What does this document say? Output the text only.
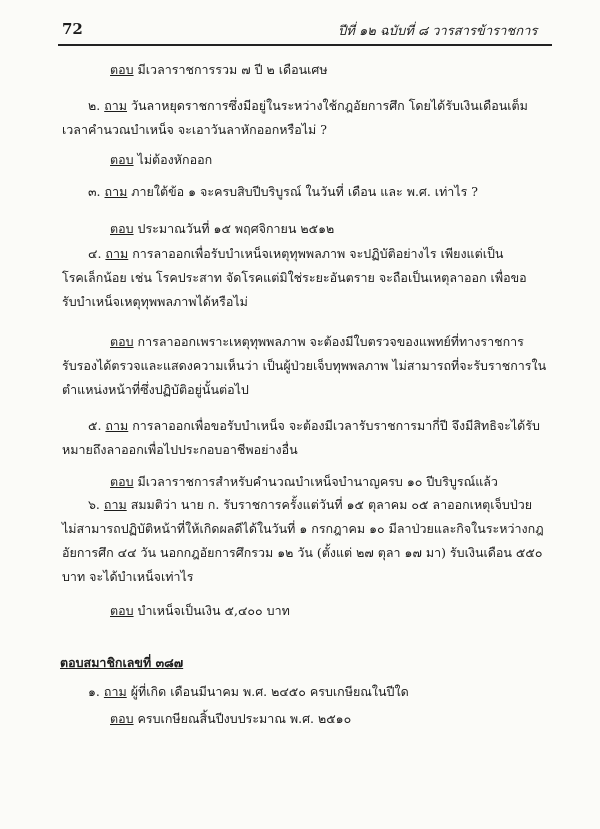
72	ปีที่ ๑๒ ฉบับที่ ๘ วารสารข้าราชการ
ตอบ มีเวลาราชการรวม ๗ ปี ๒ เดือนเศษ
๒. ถาม วันลาหยุดราชการซึ่งมีอยู่ในระหว่างใช้กฎอัยการศึก โดยได้รับเงินเดือนเต็ม
เวลาคำนวณบำเหน็จ จะเอาวันลาหักออกหรือไม่ ?
ตอบ ไม่ต้องหักออก
๓. ถาม ภายใต้ข้อ ๑ จะครบสิบปีบริบูรณ์ ในวันที่ เดือน และ พ.ศ. เท่าไร ?
ตอบ ประมาณวันที่ ๑๕ พฤศจิกายน ๒๕๑๒
๔. ถาม การลาออกเพื่อรับบำเหน็จเหตุทุพพลภาพ จะปฏิบัติอย่างไร เพียงแต่เป็น
โรคเล็กน้อย เช่น โรคประสาท จัดโรคแต่มิใช่ระยะอันตราย จะถือเป็นเหตุลาออก เพื่อขอ
รับบำเหน็จเหตุทุพพลภาพได้หรือไม่
ตอบ การลาออกเพราะเหตุทุพพลภาพ จะต้องมีใบตรวจของแพทย์ที่ทางราชการ
รับรองได้ตรวจและแสดงความเห็นว่า เป็นผู้ป่วยเจ็บทุพพลภาพ ไม่สามารถที่จะรับราชการใน
ตำแหน่งหน้าที่ซึ่งปฏิบัติอยู่นั้นต่อไป
๕. ถาม การลาออกเพื่อขอรับบำเหน็จ จะต้องมีเวลารับราชการมากี่ปี จึงมีสิทธิจะได้รับ
หมายถึงลาออกเพื่อไปประกอบอาชีพอย่างอื่น
ตอบ มีเวลาราชการสำหรับคำนวณบำเหน็จบำนาญครบ ๑๐ ปีบริบูรณ์แล้ว
๖. ถาม สมมติว่า นาย ก. รับราชการครั้งแต่วันที่ ๑๕ ตุลาคม ๐๕ ลาออกเหตุเจ็บป่วย
ไม่สามารถปฏิบัติหน้าที่ให้เกิดผลดีได้ในวันที่ ๑ กรกฎาคม ๑๐ มีลาป่วยและกิจในระหว่างกฎ
อัยการศึก ๔๔ วัน นอกกฎอัยการศึกรวม ๑๒ วัน (ตั้งแต่ ๒๗ ตุลา ๑๗ มา) รับเงินเดือน ๕๕๐
บาท จะได้บำเหน็จเท่าไร
ตอบ บำเหน็จเป็นเงิน ๕,๔๐๐ บาท
ตอบสมาชิกเลขที่ ๓๘๗
๑. ถาม ผู้ที่เกิด เดือนมีนาคม พ.ศ. ๒๔๕๐ ครบเกษียณในปีใด
ตอบ ครบเกษียณสิ้นปีงบประมาณ พ.ศ. ๒๕๑๐
